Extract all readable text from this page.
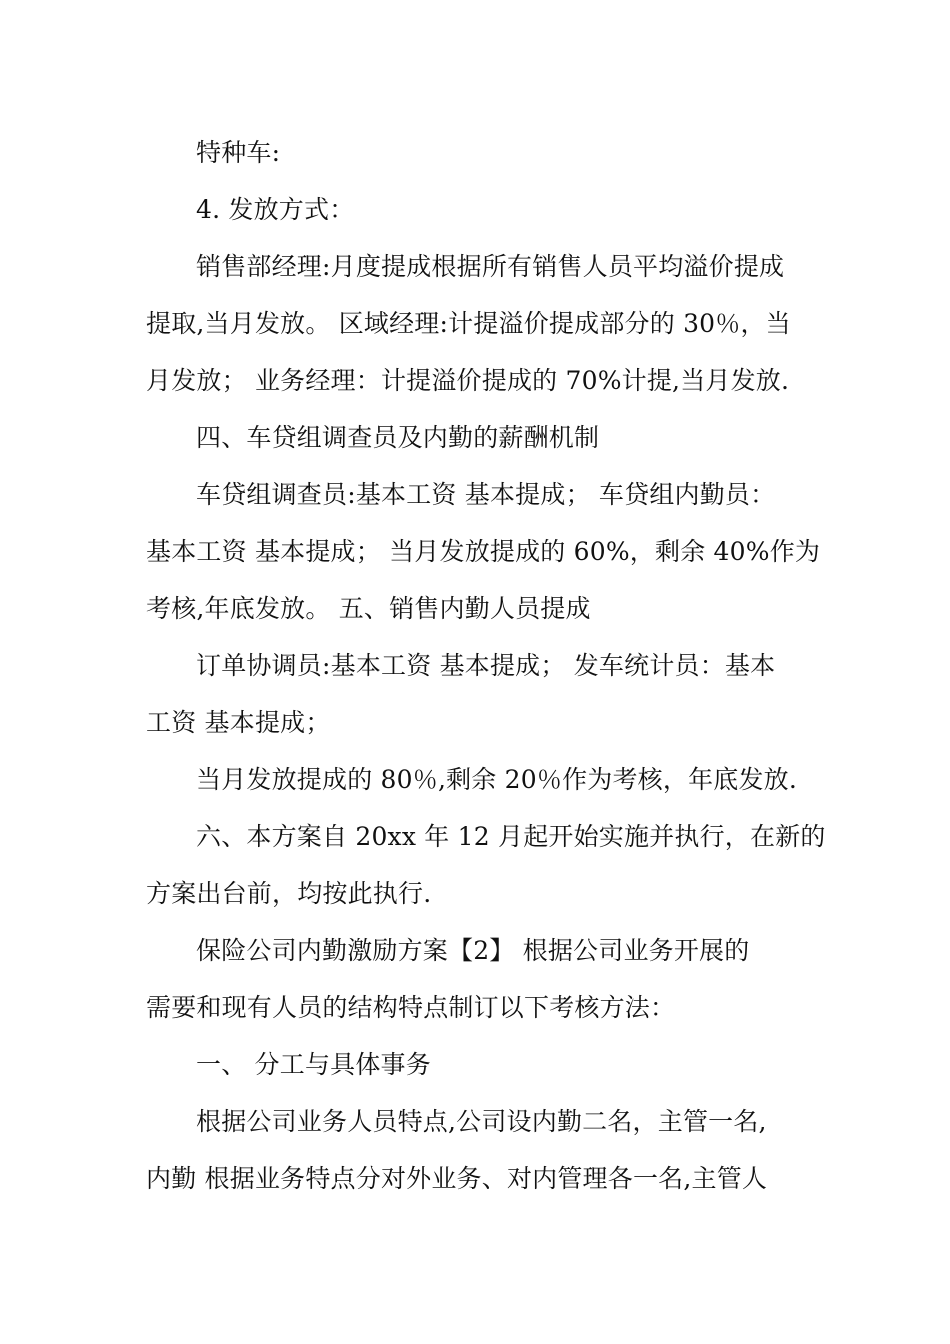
特种车:
4. 发放方式：
销售部经理:月度提成根据所有销售人员平均溢价提成
提取,当月发放。 区域经理:计提溢价提成部分的 30％，当
月发放； 业务经理：计提溢价提成的 70%计提,当月发放.
四、车贷组调查员及内勤的薪酬机制
车贷组调查员:基本工资 基本提成； 车贷组内勤员：
基本工资 基本提成； 当月发放提成的 60%，剩余 40%作为
考核,年底发放。 五、销售内勤人员提成
订单协调员:基本工资 基本提成； 发车统计员：基本
工资 基本提成；
当月发放提成的 80％,剩余 20％作为考核，年底发放.
六、本方案自 20xx 年 12 月起开始实施并执行，在新的
方案出台前，均按此执行.
保险公司内勤激励方案【2】 根据公司业务开展的
需要和现有人员的结构特点制订以下考核方法：
一、 分工与具体事务
根据公司业务人员特点,公司设内勤二名，主管一名,
内勤 根据业务特点分对外业务、对内管理各一名,主管人
